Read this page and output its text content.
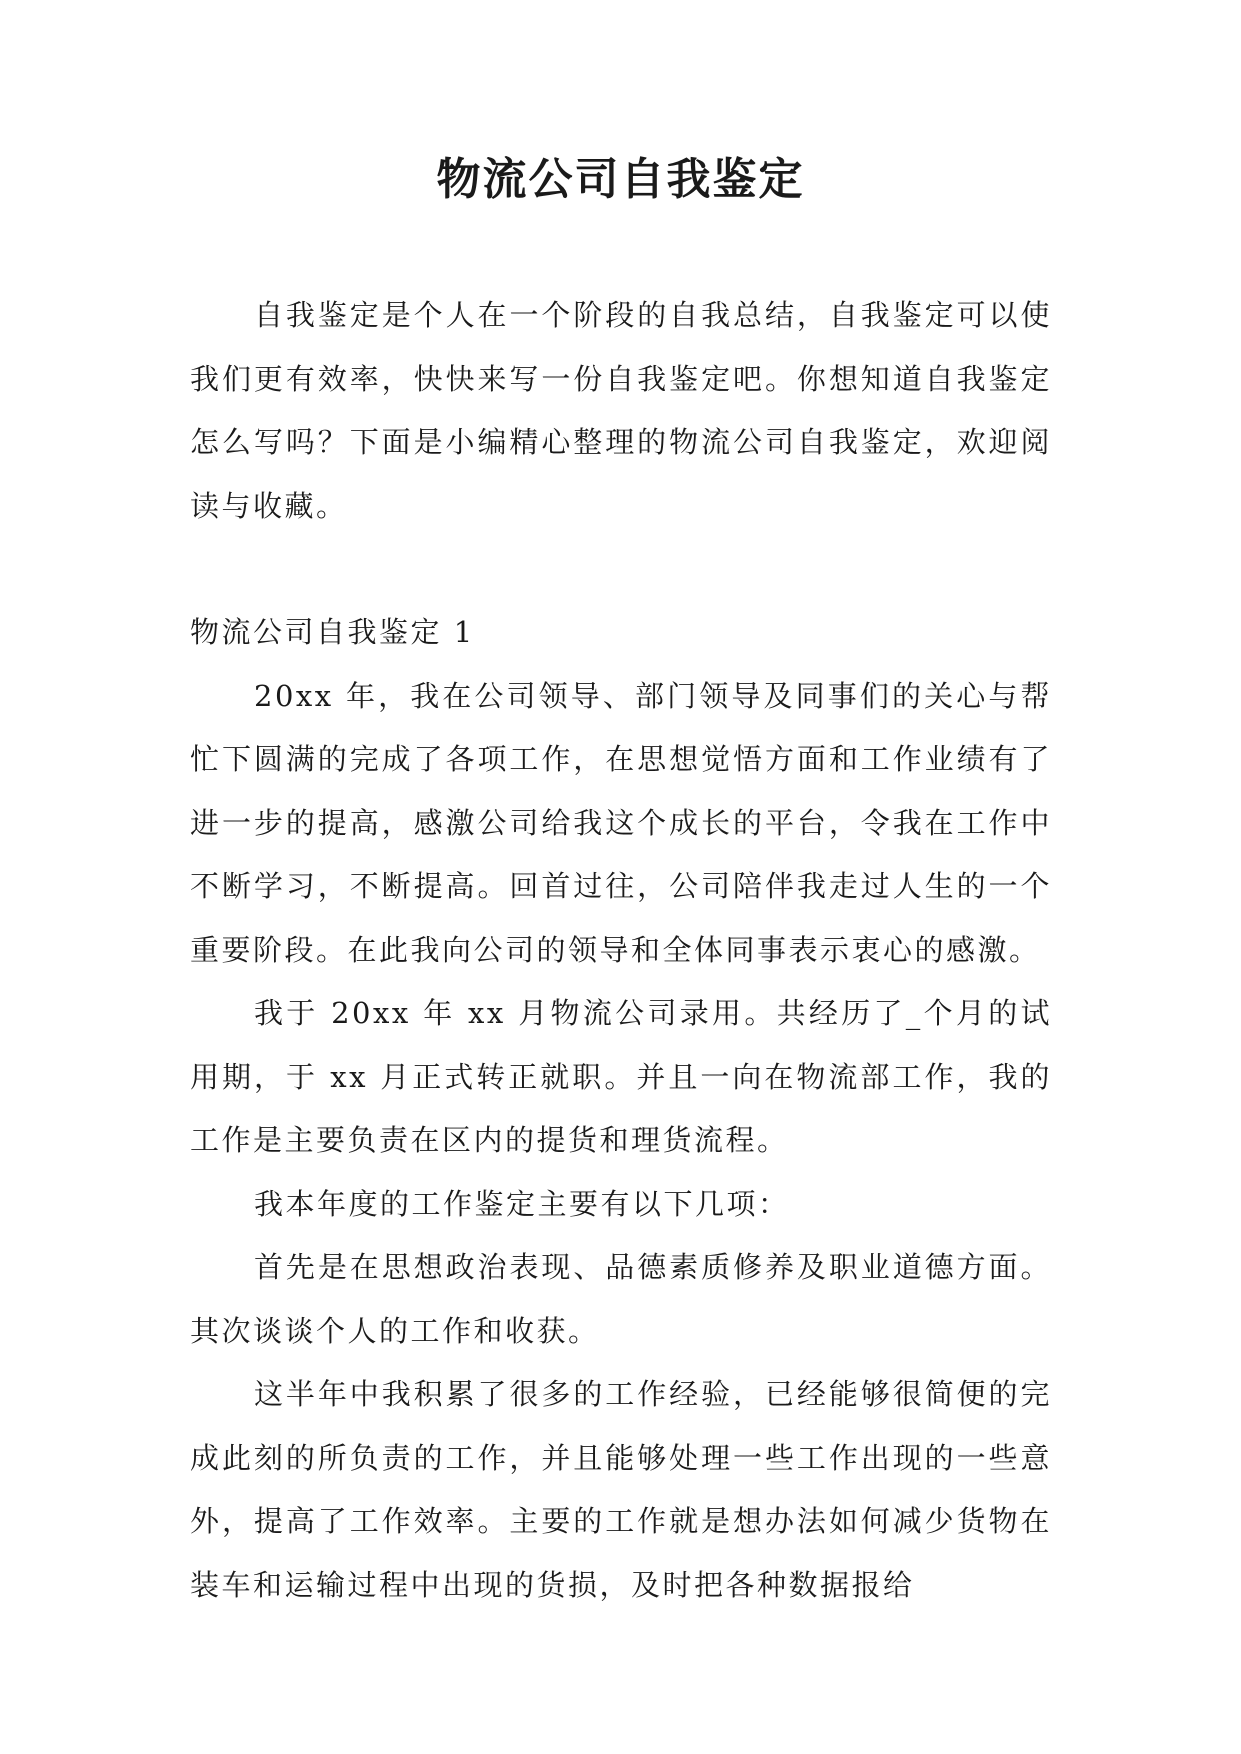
物流公司自我鉴定

自我鉴定是个人在一个阶段的自我总结，自我鉴定可以使我们更有效率，快快来写一份自我鉴定吧。你想知道自我鉴定怎么写吗？下面是小编精心整理的物流公司自我鉴定，欢迎阅读与收藏。

物流公司自我鉴定 1

20xx 年，我在公司领导、部门领导及同事们的关心与帮忙下圆满的完成了各项工作，在思想觉悟方面和工作业绩有了进一步的提高，感激公司给我这个成长的平台，令我在工作中不断学习，不断提高。回首过往，公司陪伴我走过人生的一个重要阶段。在此我向公司的领导和全体同事表示衷心的感激。

我于 20xx 年 xx 月物流公司录用。共经历了_个月的试用期，于 xx 月正式转正就职。并且一向在物流部工作，我的工作是主要负责在区内的提货和理货流程。

我本年度的工作鉴定主要有以下几项：

首先是在思想政治表现、品德素质修养及职业道德方面。其次谈谈个人的工作和收获。

这半年中我积累了很多的工作经验，已经能够很简便的完成此刻的所负责的工作，并且能够处理一些工作出现的一些意外，提高了工作效率。主要的工作就是想办法如何减少货物在装车和运输过程中出现的货损，及时把各种数据报给
